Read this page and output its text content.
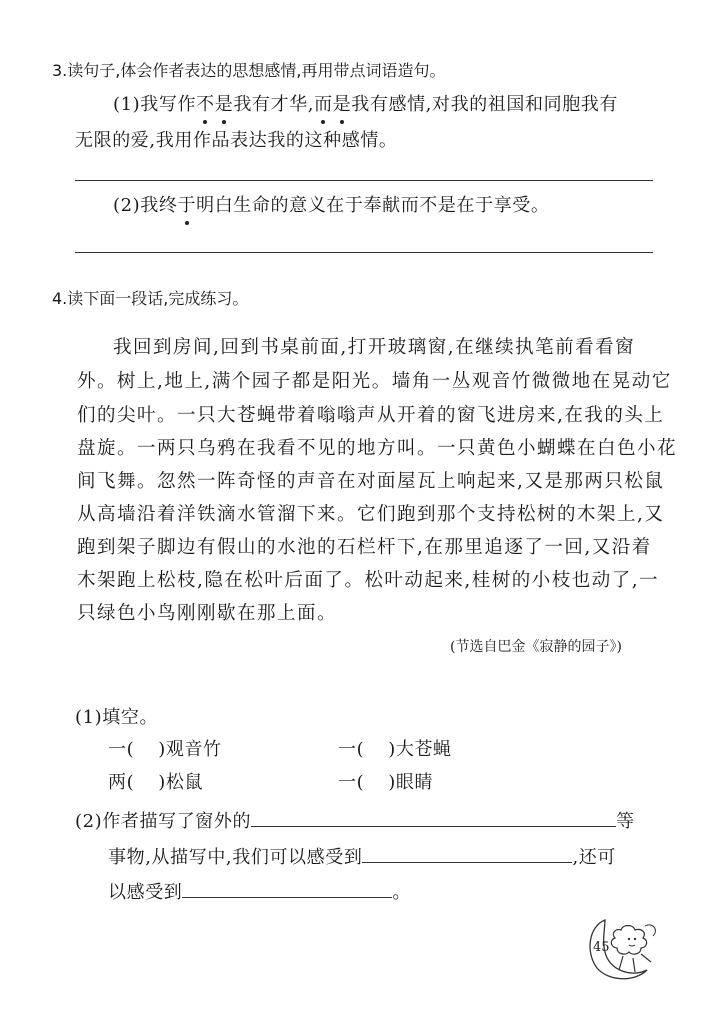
3.读句子,体会作者表达的思想感情,再用带点词语造句。
(1)我写作不是我有才华,而是我有感情,对我的祖国和同胞我有
无限的爱,我用作品表达我的这种感情。
(2)我终于明白生命的意义在于奉献而不是在于享受。
4.读下面一段话,完成练习。
我回到房间,回到书桌前面,打开玻璃窗,在继续执笔前看看窗
外。树上,地上,满个园子都是阳光。墙角一丛观音竹微微地在晃动它
们的尖叶。一只大苍蝇带着嗡嗡声从开着的窗飞进房来,在我的头上
盘旋。一两只乌鸦在我看不见的地方叫。一只黄色小蝴蝶在白色小花
间飞舞。忽然一阵奇怪的声音在对面屋瓦上响起来,又是那两只松鼠
从高墙沿着洋铁滴水管溜下来。它们跑到那个支持松树的木架上,又
跑到架子脚边有假山的水池的石栏杆下,在那里追逐了一回,又沿着
木架跑上松枝,隐在松叶后面了。松叶动起来,桂树的小枝也动了,一
只绿色小鸟刚刚歇在那上面。
(节选自巴金《寂静的园子》)
(1)填空。
一( )观音竹	一( )大苍蝇
两( )松鼠	一( )眼睛
(2)作者描写了窗外的	等
事物,从描写中,我们可以感受到	,还可
以感受到	。
45
